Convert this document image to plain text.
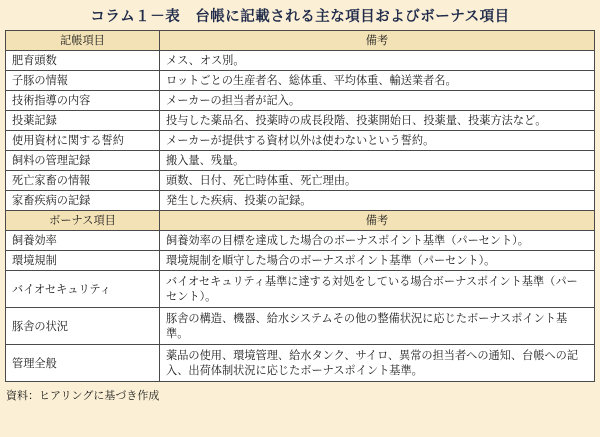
コラム１－表　台帳に記載される主な項目およびボーナス項目
記帳項目	備考
肥育頭数	メス、オス別。
子豚の情報	ロットごとの生産者名、総体重、平均体重、輸送業者名。
技術指導の内容	メーカーの担当者が記入。
投薬記録	投与した薬品名、投薬時の成長段階、投薬開始日、投薬量、投薬方法など。
使用資材に関する誓約	メーカーが提供する資材以外は使わないという誓約。
飼料の管理記録	搬入量、残量。
死亡家畜の情報	頭数、日付、死亡時体重、死亡理由。
家畜疾病の記録	発生した疾病、投薬の記録。
ボーナス項目	備考
飼養効率	飼養効率の目標を達成した場合のボーナスポイント基準（パーセント）。
環境規制	環境規制を順守した場合のボーナスポイント基準（パーセント）。
バイオセキュリティ	バイオセキュリティ基準に達する対処をしている場合ボーナスポイント基準（パーセント）。
豚舎の状況	豚舎の構造、機器、給水システムその他の整備状況に応じたボーナスポイント基準。
管理全般	薬品の使用、環境管理、給水タンク、サイロ、異常の担当者への通知、台帳への記入、出荷体制状況に応じたボーナスポイント基準。
資料：ヒアリングに基づき作成
